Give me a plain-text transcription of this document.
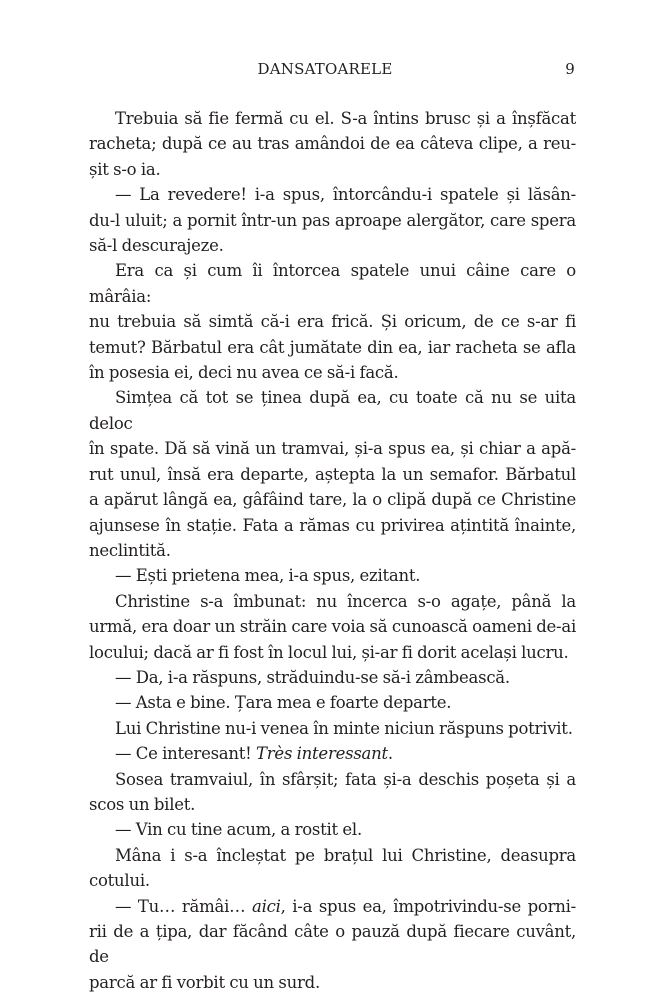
DANSATOARELE	9
Trebuia să fie fermă cu el. S-a întins brusc și a înșfăcat
racheta; după ce au tras amândoi de ea câteva clipe, a reu-
șit s-o ia.
— La revedere! i-a spus, întorcându-i spatele și lăsân-
du-l uluit; a pornit într-un pas aproape alergător, care spera
să-l descurajeze.
Era ca și cum îi întorcea spatele unui câine care o mârâia:
nu trebuia să simtă că-i era frică. Și oricum, de ce s-ar fi
temut? Bărbatul era cât jumătate din ea, iar racheta se afla
în posesia ei, deci nu avea ce să-i facă.
Simțea că tot se ținea după ea, cu toate că nu se uita deloc
în spate. Dă să vină un tramvai, și-a spus ea, și chiar a apă-
rut unul, însă era departe, aștepta la un semafor. Bărbatul
a apărut lângă ea, gâfâind tare, la o clipă după ce Christine
ajunsese în stație. Fata a rămas cu privirea ațintită înainte,
neclintită.
— Ești prietena mea, i-a spus, ezitant.
Christine s-a îmbunat: nu încerca s-o agațe, până la
urmă, era doar un străin care voia să cunoască oameni de-ai
locului; dacă ar fi fost în locul lui, și-ar fi dorit același lucru.
— Da, i-a răspuns, străduindu-se să-i zâmbească.
— Asta e bine. Țara mea e foarte departe.
Lui Christine nu-i venea în minte niciun răspuns potrivit.
— Ce interesant! Très interessant.
Sosea tramvaiul, în sfârșit; fata și-a deschis poșeta și a
scos un bilet.
— Vin cu tine acum, a rostit el.
Mâna i s-a încleștat pe brațul lui Christine, deasupra
cotului.
— Tu… rămâi… aici, i-a spus ea, împotrivindu-se porni-
rii de a țipa, dar făcând câte o pauză după fiecare cuvânt, de
parcă ar fi vorbit cu un surd.
